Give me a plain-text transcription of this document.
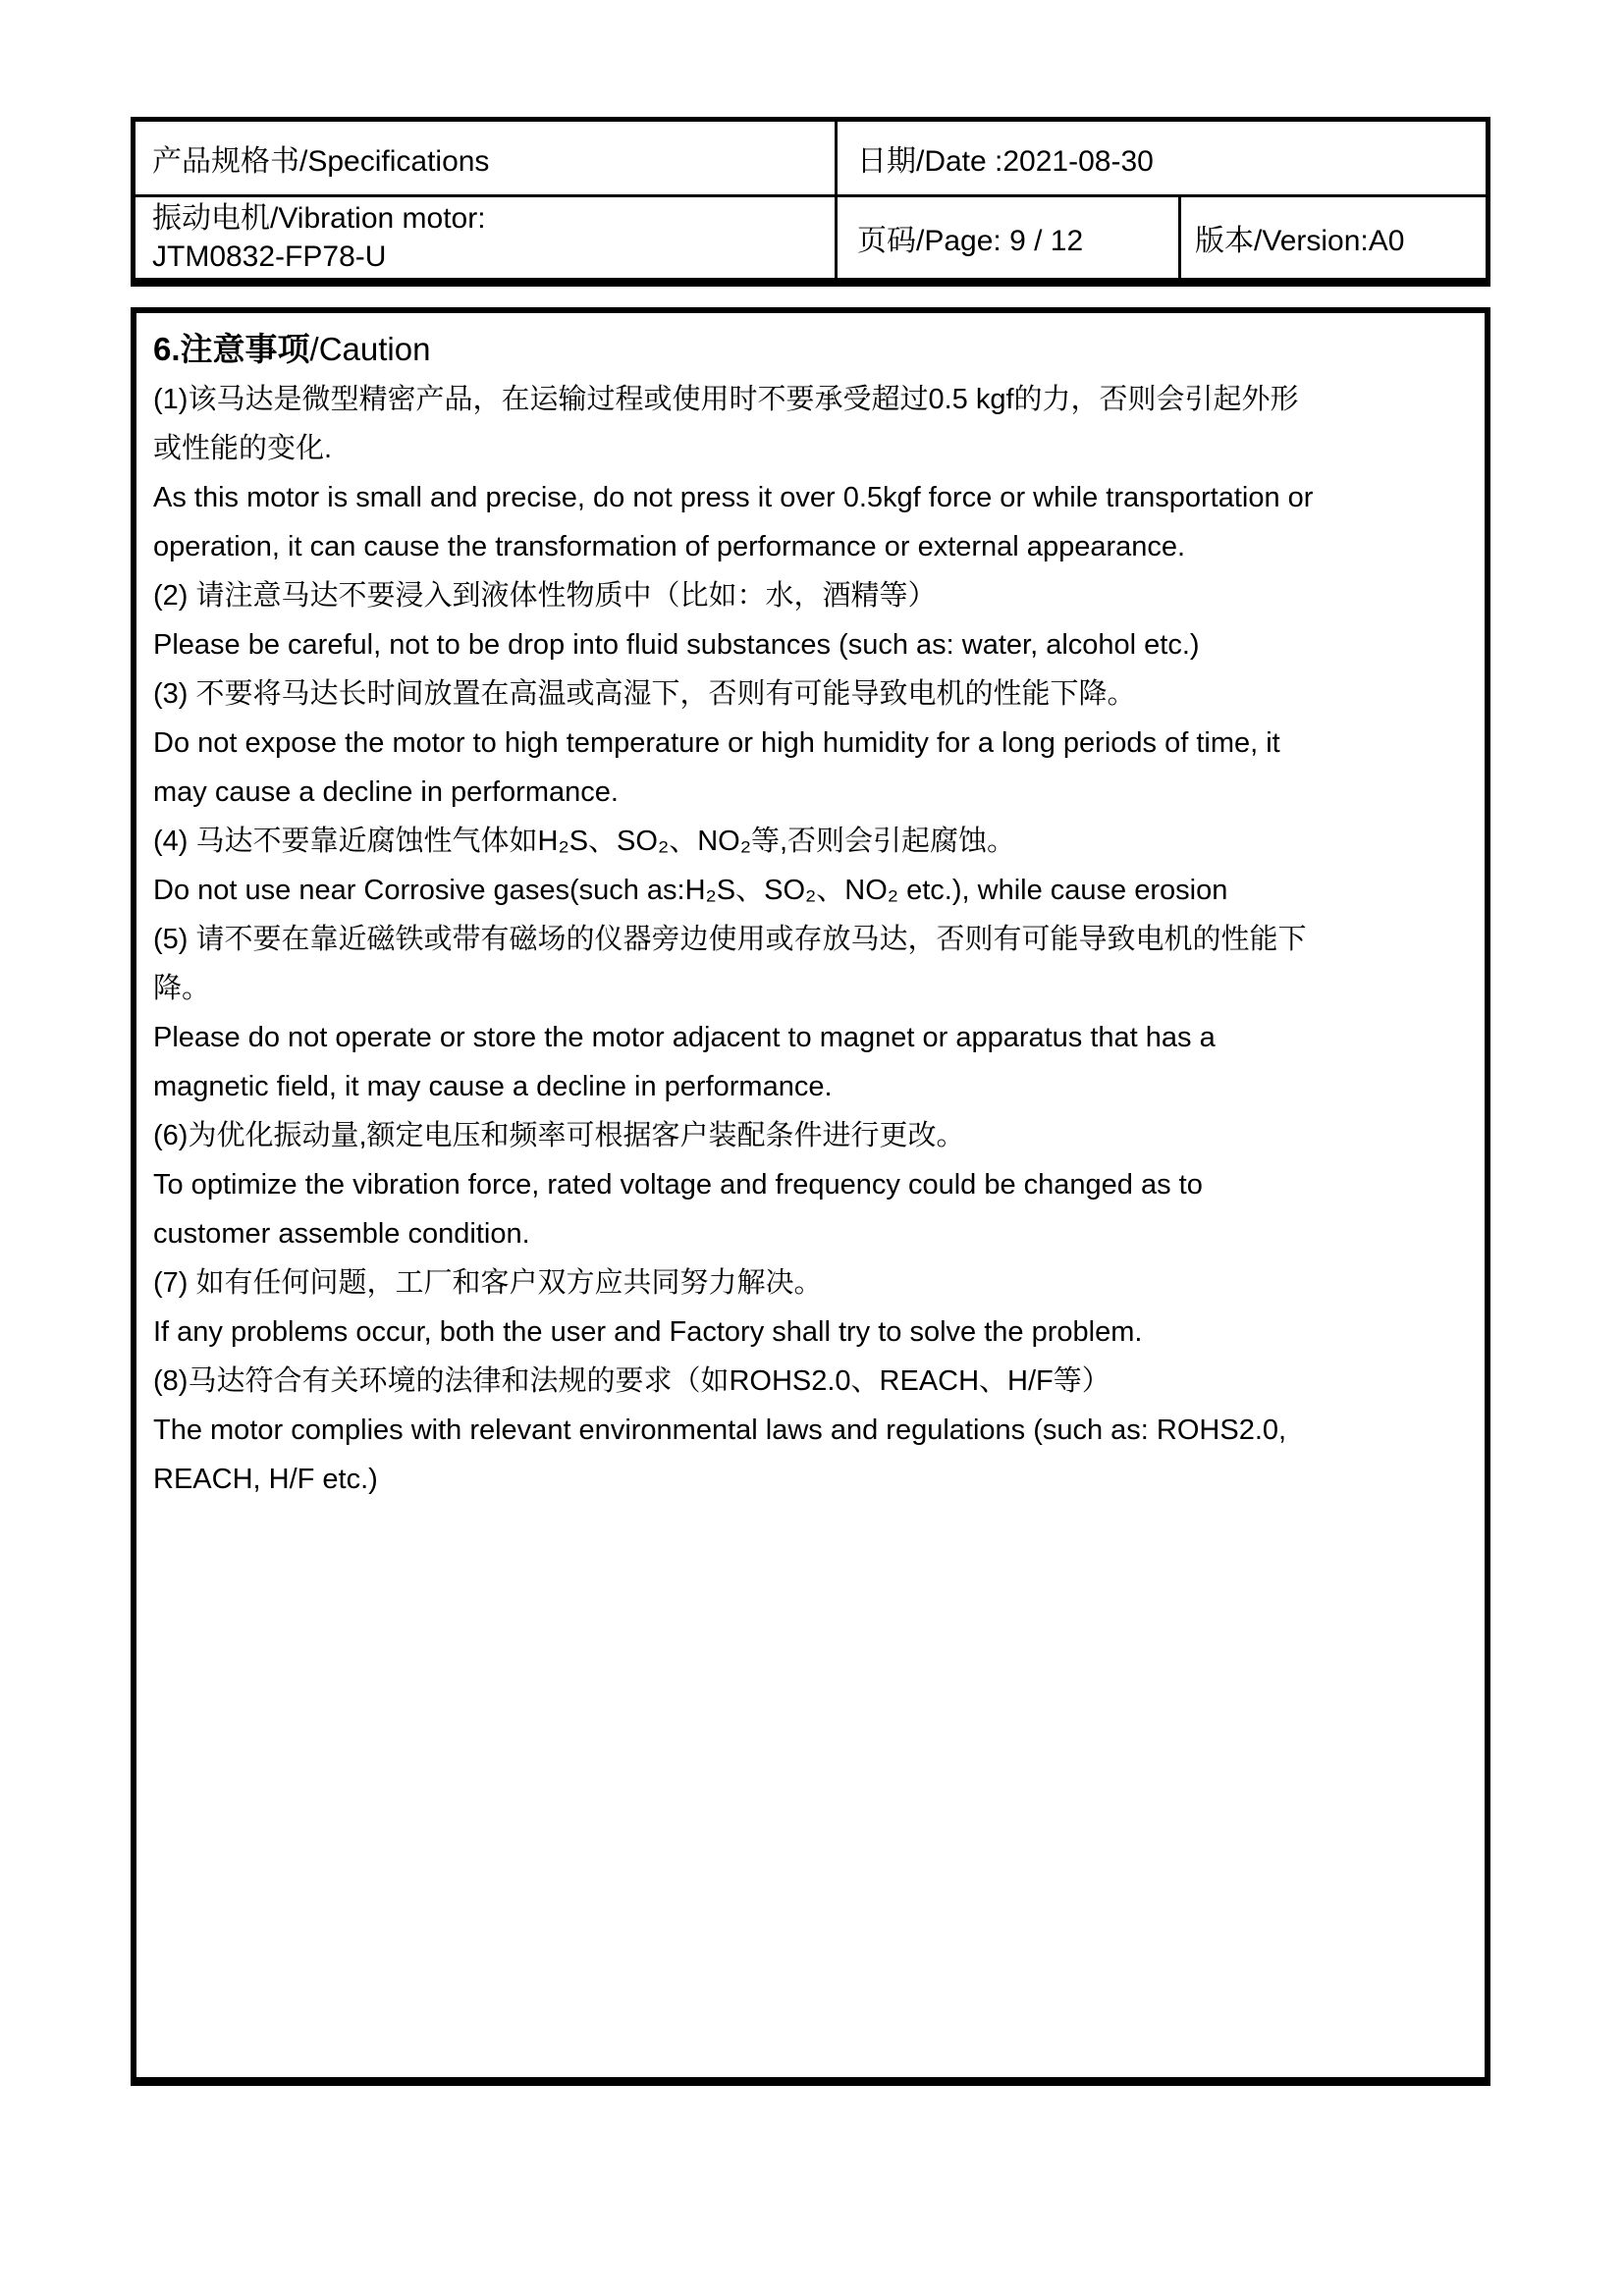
产品规格书/Specifications	日期/Date :2021-08-30
振动电机/Vibration motor:
JTM0832-FP78-U	页码/Page: 9 / 12	版本/Version:A0
6.注意事项/Caution
(1)该马达是微型精密产品，在运输过程或使用时不要承受超过0.5 kgf的力，否则会引起外形
或性能的变化.
As this motor is small and precise, do not press it over 0.5kgf force or while transportation or
operation, it can cause the transformation of performance or external appearance.
(2) 请注意马达不要浸入到液体性物质中（比如：水，酒精等）
Please be careful, not to be drop into fluid substances (such as: water, alcohol etc.)
(3) 不要将马达长时间放置在高温或高湿下，否则有可能导致电机的性能下降。
Do not expose the motor to high temperature or high humidity for a long periods of time, it
may cause a decline in performance.
(4) 马达不要靠近腐蚀性气体如H₂S、SO₂、NO₂等,否则会引起腐蚀。
Do not use near Corrosive gases(such as:H₂S、SO₂、NO₂ etc.), while cause erosion
(5) 请不要在靠近磁铁或带有磁场的仪器旁边使用或存放马达，否则有可能导致电机的性能下
降。
Please do not operate or store the motor adjacent to magnet or apparatus that has a
magnetic field, it may cause a decline in performance.
(6)为优化振动量,额定电压和频率可根据客户装配条件进行更改。
To optimize the vibration force, rated voltage and frequency could be changed as to
customer assemble condition.
(7) 如有任何问题，工厂和客户双方应共同努力解决。
If any problems occur, both the user and Factory shall try to solve the problem.
(8)马达符合有关环境的法律和法规的要求（如ROHS2.0、REACH、H/F等）
The motor complies with relevant environmental laws and regulations (such as: ROHS2.0,
REACH, H/F etc.)
